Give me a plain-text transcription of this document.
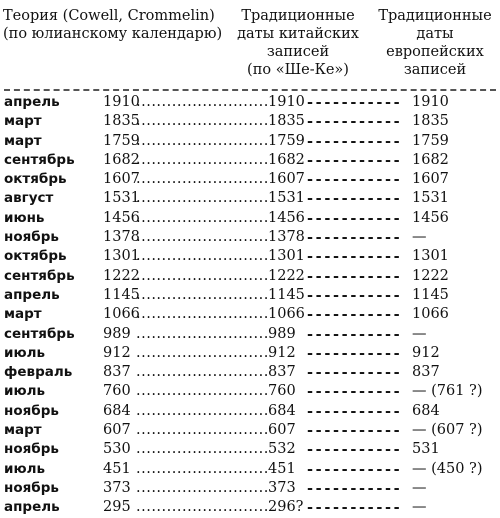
Теория (Cowell, Crommelin)
(по юлианскому календарю)
Традиционные
даты китайских
записей
(по «Ше-Ке»)
Традиционные
даты
европейских
записей
апрель	1910 .....	1910 - - -	1910
март	1835 .....	1835 - - -	1835
март	1759 .....	1759 - - -	1759
сентябрь 1682 .....	1682 - - -	1682
октябрь	1607 .....	1607 - - -	1607
август	1531 .....	1531 - - -	1531
июнь	1456 .....	1456 - - -	1456
ноябрь	1378 .....	1378 - - -	—
октябрь	1301 .....	1301 - - -	1301
сентябрь 1222 .....	1222 - - -	1222
апрель	1145 .....	1145 - - -	1145
март	1066 .....	1066 - - -	1066
сентябрь 989 .....	989 - - -	—
июль	912 .....	912 - - -	912
февраль 837 .....	837 - - -	837
июль	760 .....	760 - - -	— (761 ?)
ноябрь	684 .....	684 - - -	684
март	607 .....	607 - - -	— (607 ?)
ноябрь	530 .....	532 - - -	531
июль	451 .....	451 - - -	— (450 ?)
ноябрь	373 .....	373 - - -	—
апрель	295 .....	296? - - -	—
